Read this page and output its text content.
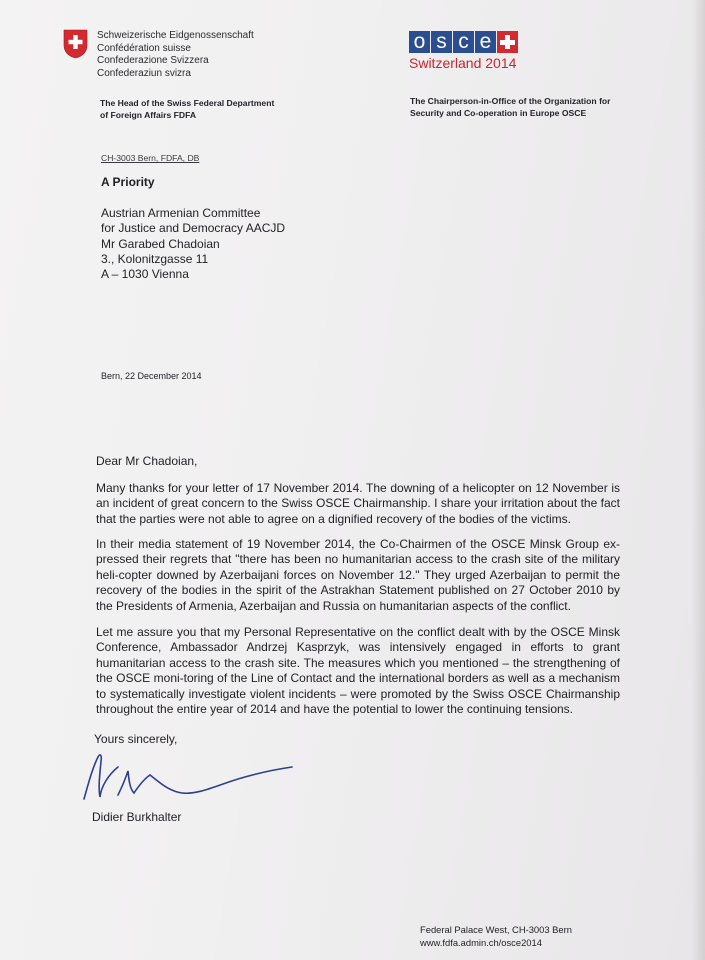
Schweizerische Eidgenossenschaft
Confédération suisse
Confederazione Svizzera
Confederaziun svizra
The Head of the Swiss Federal Department
of Foreign Affairs FDFA
o s c e
Switzerland 2014
The Chairperson-in-Office of the Organization for
Security and Co-operation in Europe OSCE
CH-3003 Bern, FDFA, DB
A Priority
Austrian Armenian Committee
for Justice and Democracy AACJD
Mr Garabed Chadoian
3., Kolonitzgasse 11
A – 1030 Vienna
Bern, 22 December 2014
Dear Mr Chadoian,
Many thanks for your letter of 17 November 2014. The downing of a helicopter on 12 November is an incident of great concern to the Swiss OSCE Chairmanship. I share your irritation about the fact that the parties were not able to agree on a dignified recovery of the bodies of the victims.
In their media statement of 19 November 2014, the Co-Chairmen of the OSCE Minsk Group ex-pressed their regrets that "there has been no humanitarian access to the crash site of the military heli-copter downed by Azerbaijani forces on November 12." They urged Azerbaijan to permit the recovery of the bodies in the spirit of the Astrakhan Statement published on 27 October 2010 by the Presidents of Armenia, Azerbaijan and Russia on humanitarian aspects of the conflict.
Let me assure you that my Personal Representative on the conflict dealt with by the OSCE Minsk Conference, Ambassador Andrzej Kasprzyk, was intensively engaged in efforts to grant humanitarian access to the crash site. The measures which you mentioned – the strengthening of the OSCE moni-toring of the Line of Contact and the international borders as well as a mechanism to systematically investigate violent incidents – were promoted by the Swiss OSCE Chairmanship throughout the entire year of 2014 and have the potential to lower the continuing tensions.
Yours sincerely,
Didier Burkhalter
Federal Palace West, CH-3003 Bern
www.fdfa.admin.ch/osce2014
